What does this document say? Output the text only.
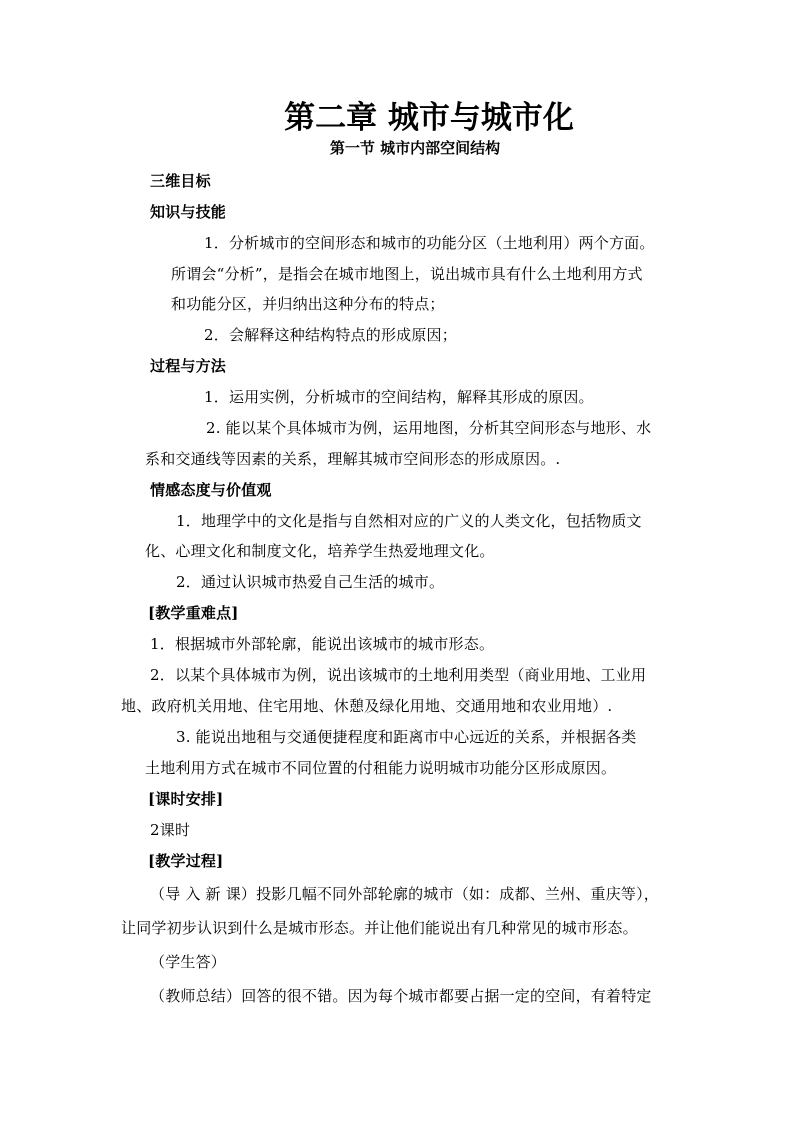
第二章 城市与城市化
第一节 城市内部空间结构
三维目标
知识与技能
1．分析城市的空间形态和城市的功能分区（土地利用）两个方面。
所谓会“分析”，是指会在城市地图上，说出城市具有什么土地利用方式
和功能分区，并归纳出这种分布的特点；
2．会解释这种结构特点的形成原因；
过程与方法
1．运用实例，分析城市的空间结构，解释其形成的原因。
2. 能以某个具体城市为例，运用地图，分析其空间形态与地形、水
系和交通线等因素的关系，理解其城市空间形态的形成原因。.
情感态度与价值观
1．地理学中的文化是指与自然相对应的广义的人类文化，包括物质文
化、心理文化和制度文化，培养学生热爱地理文化。
2．通过认识城市热爱自己生活的城市。
[教学重难点]
1．根据城市外部轮廓，能说出该城市的城市形态。
2．以某个具体城市为例，说出该城市的土地利用类型（商业用地、工业用
地、政府机关用地、住宅用地、休憩及绿化用地、交通用地和农业用地）.
3. 能说出地租与交通便捷程度和距离市中心远近的关系，并根据各类
土地利用方式在城市不同位置的付租能力说明城市功能分区形成原因。
[课时安排]
2课时
[教学过程]
（导 入 新 课）投影几幅不同外部轮廓的城市（如：成都、兰州、重庆等），
让同学初步认识到什么是城市形态。并让他们能说出有几种常见的城市形态。
（学生答）
（教师总结）回答的很不错。因为每个城市都要占据一定的空间，有着特定
